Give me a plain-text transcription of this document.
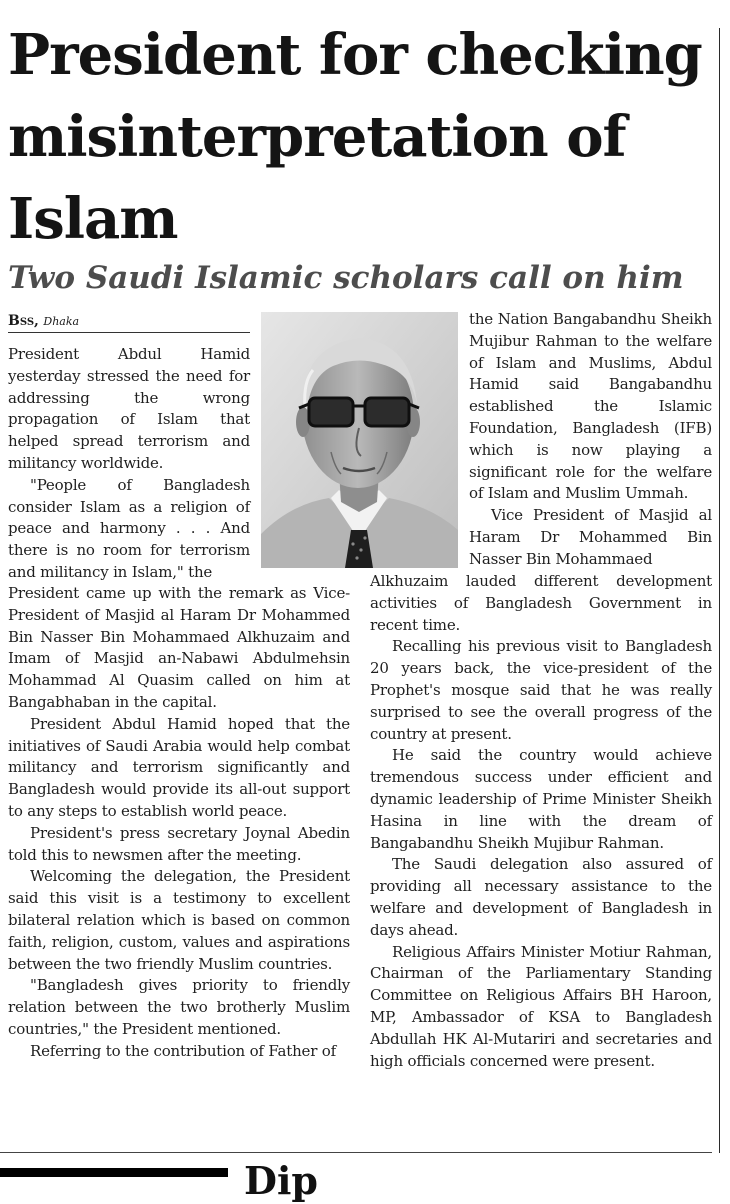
President for checking misinterpretation of Islam
Two Saudi Islamic scholars call on him
Bss, Dhaka

President Abdul Hamid yesterday stressed the need for addressing the wrong propagation of Islam that helped spread terrorism and militancy worldwide.

"People of Bangladesh consider Islam as a religion of peace and harmony . . . And there is no room for terrorism and militancy in Islam," the

President came up with the remark as Vice-President of Masjid al Haram Dr Mohammed Bin Nasser Bin Mohammaed Alkhuzaim and Imam of Masjid an-Nabawi Abdulmehsin Mohammad Al Quasim called on him at Bangabhaban in the capital.

President Abdul Hamid hoped that the initiatives of Saudi Arabia would help combat militancy and terrorism significantly and Bangladesh would provide its all-out support to any steps to establish world peace.

President's press secretary Joynal Abedin told this to newsmen after the meeting.

Welcoming the delegation, the President said this visit is a testimony to excellent bilateral relation which is based on common faith, religion, custom, values and aspirations between the two friendly Muslim countries.

"Bangladesh gives priority to friendly relation between the two brotherly Muslim countries," the President mentioned.

Referring to the contribution of Father of

the Nation Bangabandhu Sheikh Mujibur Rahman to the welfare of Islam and Muslims, Abdul Hamid said Bangabandhu established the Islamic Foundation, Bangladesh (IFB) which is now playing a significant role for the welfare of Islam and Muslim Ummah.

Vice President of Masjid al Haram Dr Mohammed Bin Nasser Bin Mohammaed

Alkhuzaim lauded different development activities of Bangladesh Government in recent time.

Recalling his previous visit to Bangladesh 20 years back, the vice-president of the Prophet's mosque said that he was really surprised to see the overall progress of the country at present.

He said the country would achieve tremendous success under efficient and dynamic leadership of Prime Minister Sheikh Hasina in line with the dream of Bangabandhu Sheikh Mujibur Rahman.

The Saudi delegation also assured of providing all necessary assistance to the welfare and development of Bangladesh in days ahead.

Religious Affairs Minister Motiur Rahman, Chairman of the Parliamentary Standing Committee on Religious Affairs BH Haroon, MP, Ambassador of KSA to Bangladesh Abdullah HK Al-Mutariri and secretaries and high officials concerned were present.

Dip
